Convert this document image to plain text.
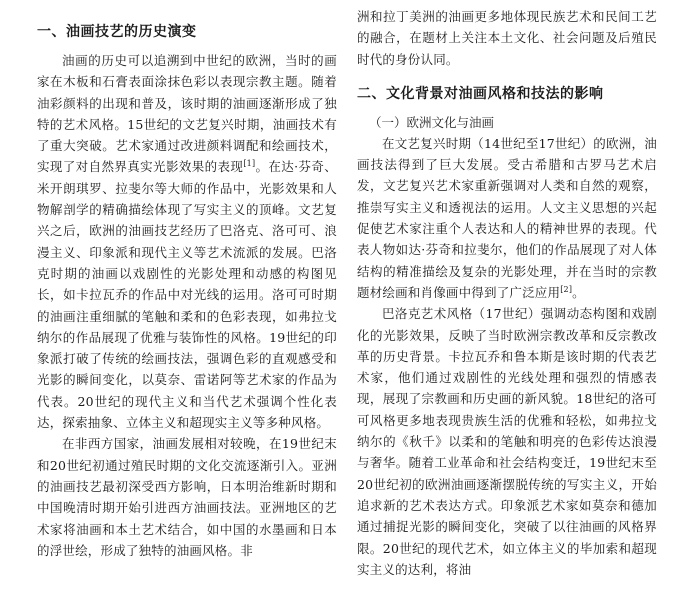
一、油画技艺的历史演变

油画的历史可以追溯到中世纪的欧洲，当时的画家在木板和石膏表面涂抹色彩以表现宗教主题。随着油彩颜料的出现和普及，该时期的油画逐渐形成了独特的艺术风格。15世纪的文艺复兴时期，油画技术有了重大突破。艺术家通过改进颜料调配和绘画技术，实现了对自然界真实光影效果的表现[1]。在达·芬奇、米开朗琪罗、拉斐尔等大师的作品中，光影效果和人物解剖学的精确描绘体现了写实主义的顶峰。文艺复兴之后，欧洲的油画技艺经历了巴洛克、洛可可、浪漫主义、印象派和现代主义等艺术流派的发展。巴洛克时期的油画以戏剧性的光影处理和动感的构图见长，如卡拉瓦乔的作品中对光线的运用。洛可可时期的油画注重细腻的笔触和柔和的色彩表现，如弗拉戈纳尔的作品展现了优雅与装饰性的风格。19世纪的印象派打破了传统的绘画技法，强调色彩的直观感受和光影的瞬间变化，以莫奈、雷诺阿等艺术家的作品为代表。20世纪的现代主义和当代艺术强调个性化表达，探索抽象、立体主义和超现实主义等多种风格。

在非西方国家，油画发展相对较晚，在19世纪末和20世纪初通过殖民时期的文化交流逐渐引入。亚洲的油画技艺最初深受西方影响，日本明治维新时期和中国晚清时期开始引进西方油画技法。亚洲地区的艺术家将油画和本土艺术结合，如中国的水墨画和日本的浮世绘，形成了独特的油画风格。非

洲和拉丁美洲的油画更多地体现民族艺术和民间工艺的融合，在题材上关注本土文化、社会问题及后殖民时代的身份认同。

二、文化背景对油画风格和技法的影响
（一）欧洲文化与油画

在文艺复兴时期（14世纪至17世纪）的欧洲，油画技法得到了巨大发展。受古希腊和古罗马艺术启发，文艺复兴艺术家重新强调对人类和自然的观察，推崇写实主义和透视法的运用。人文主义思想的兴起促使艺术家注重个人表达和人的精神世界的表现。代表人物如达·芬奇和拉斐尔，他们的作品展现了对人体结构的精准描绘及复杂的光影处理，并在当时的宗教题材绘画和肖像画中得到了广泛应用[2]。

巴洛克艺术风格（17世纪）强调动态构图和戏剧化的光影效果，反映了当时欧洲宗教改革和反宗教改革的历史背景。卡拉瓦乔和鲁本斯是该时期的代表艺术家，他们通过戏剧性的光线处理和强烈的情感表现，展现了宗教画和历史画的新风貌。18世纪的洛可可风格更多地表现贵族生活的优雅和轻松，如弗拉戈纳尔的《秋千》以柔和的笔触和明亮的色彩传达浪漫与奢华。随着工业革命和社会结构变迁，19世纪末至20世纪初的欧洲油画逐渐摆脱传统的写实主义，开始追求新的艺术表达方式。印象派艺术家如莫奈和德加通过捕捉光影的瞬间变化，突破了以往油画的风格界限。20世纪的现代艺术，如立体主义的毕加索和超现实主义的达利，将油
